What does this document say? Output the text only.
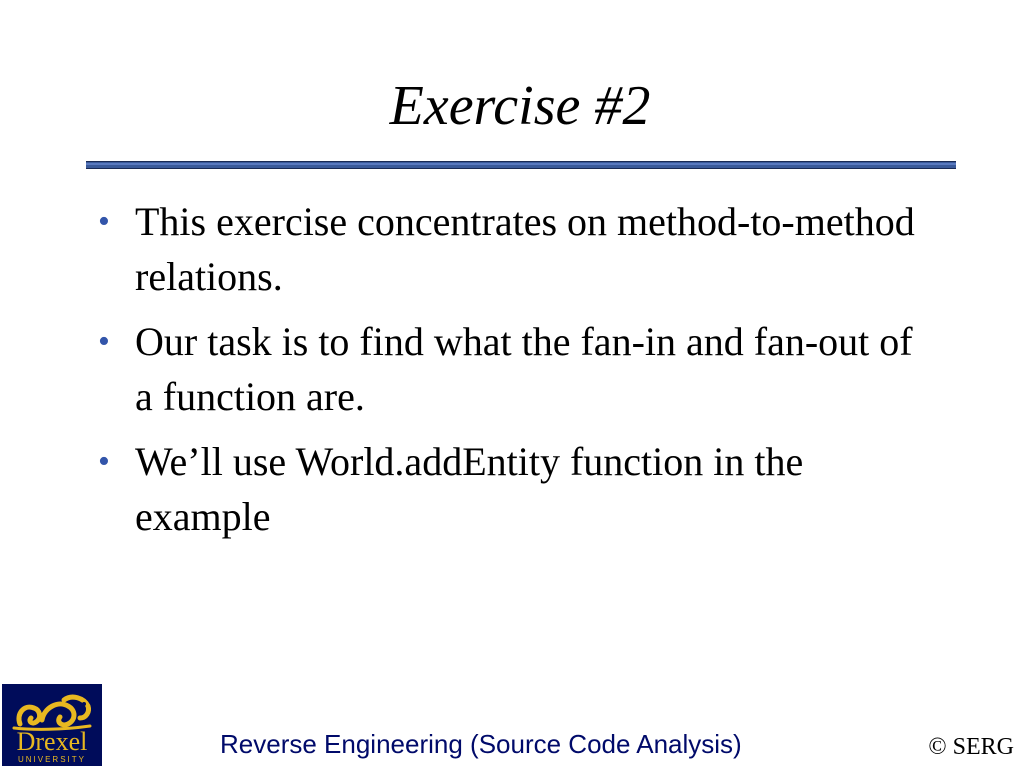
Exercise #2
• This exercise concentrates on method-to-method relations.
• Our task is to find what the fan-in and fan-out of a function are.
• We’ll use World.addEntity function in the example
Drexel
UNIVERSITY
Reverse Engineering (Source Code Analysis)	© SERG
